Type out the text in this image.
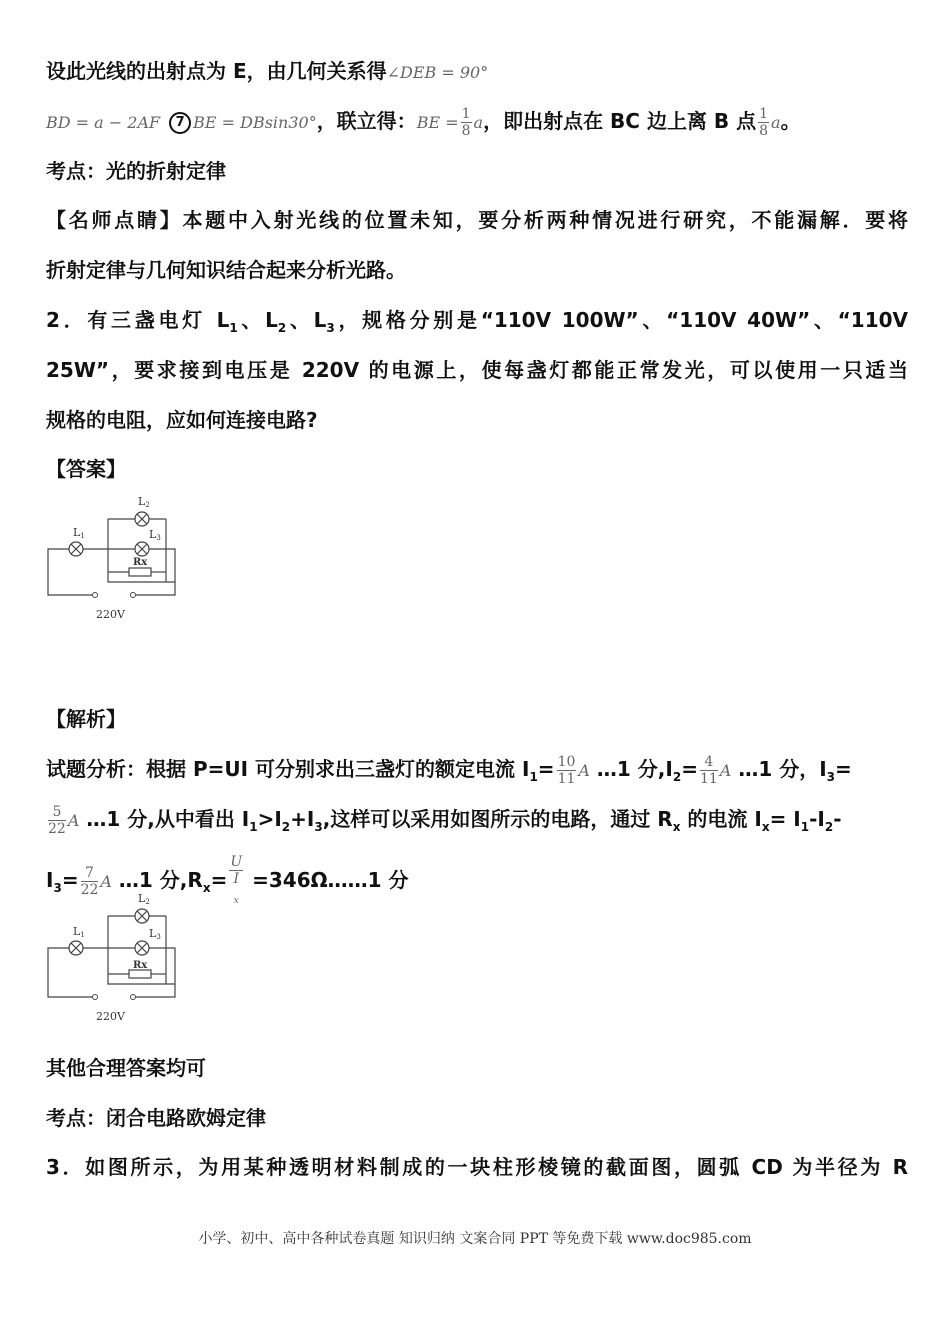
设此光线的出射点为 E，由几何关系得∠DEB = 90°
BD = a − 2AF 7 BE = DBsin30°，联立得：BE = $\frac{1}{8}$ a，即出射点在 BC 边上离 B 点 $\frac{1}{8}$ a。
考点：光的折射定律
【名师点睛】本题中入射光线的位置未知，要分析两种情况进行研究，不能漏解．要将
折射定律与几何知识结合起来分析光路。
2．有三盏电灯 $L_1$、$L_2$、$L_3$，规格分别是“110V 100W”、“110V 40W”、“110V
25W”，要求接到电压是 220V 的电源上，使每盏灯都能正常发光，可以使用一只适当
规格的电阻，应如何连接电路?
【答案】
L1
L2
L3
Rx
220V
【解析】
试题分析：根据 P=UI 可分别求出三盏灯的额定电流 $I_1= \frac{10}{11}$ A …1 分$,I_2= \frac{4}{11}$ A …1 分，$I_3=$
$\frac{5}{22}$ A …1 分,从中看出 $I_1>I_2+I_3$,这样可以采用如图所示的电路，通过 $R_x$ 的电流 $I_x= I_1-I_2-$
$I_3= \frac{7}{22}$ A …1 分$,R_x= U$
I
$_x$ =346Ω……1 分
L1
L2
L3
Rx
220V
其他合理答案均可
考点：闭合电路欧姆定律
3．如图所示，为用某种透明材料制成的一块柱形棱镜的截面图，圆弧 CD 为半径为 R
小学、初中、高中各种试卷真题 知识归纳 文案合同 PPT 等免费下载 www.doc985.com
